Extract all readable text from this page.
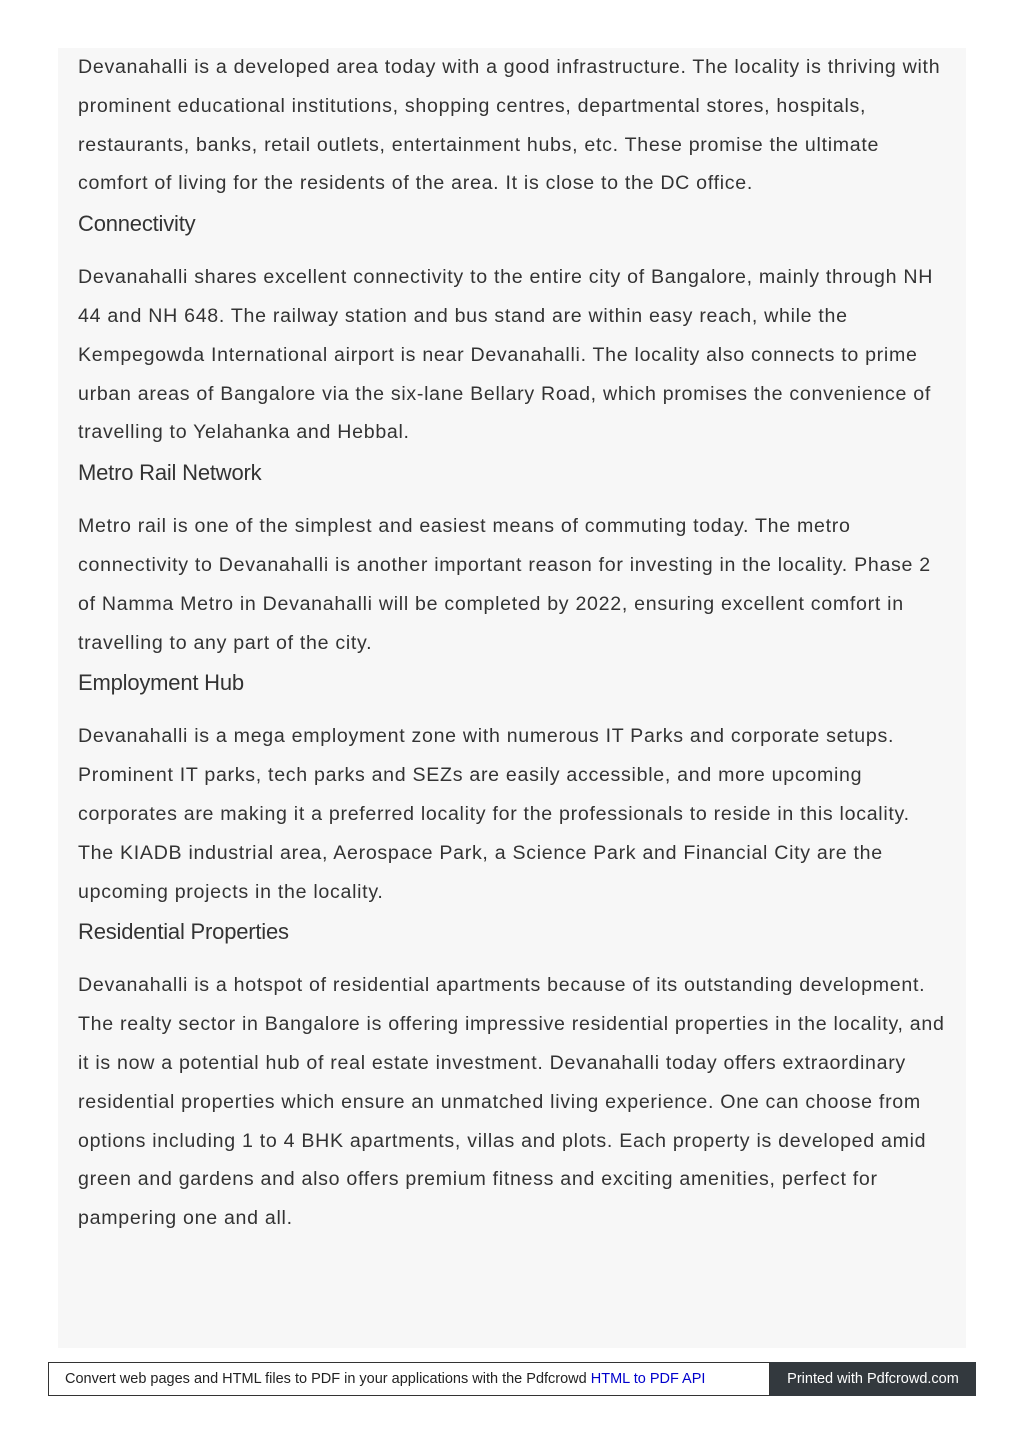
Devanahalli is a developed area today with a good infrastructure. The locality is thriving with prominent educational institutions, shopping centres, departmental stores, hospitals, restaurants, banks, retail outlets, entertainment hubs, etc. These promise the ultimate comfort of living for the residents of the area. It is close to the DC office.

Connectivity

Devanahalli shares excellent connectivity to the entire city of Bangalore, mainly through NH 44 and NH 648. The railway station and bus stand are within easy reach, while the Kempegowda International airport is near Devanahalli. The locality also connects to prime urban areas of Bangalore via the six-lane Bellary Road, which promises the convenience of travelling to Yelahanka and Hebbal.

Metro Rail Network

Metro rail is one of the simplest and easiest means of commuting today. The metro connectivity to Devanahalli is another important reason for investing in the locality. Phase 2 of Namma Metro in Devanahalli will be completed by 2022, ensuring excellent comfort in travelling to any part of the city.

Employment Hub

Devanahalli is a mega employment zone with numerous IT Parks and corporate setups. Prominent IT parks, tech parks and SEZs are easily accessible, and more upcoming corporates are making it a preferred locality for the professionals to reside in this locality. The KIADB industrial area, Aerospace Park, a Science Park and Financial City are the upcoming projects in the locality.

Residential Properties

Devanahalli is a hotspot of residential apartments because of its outstanding development. The realty sector in Bangalore is offering impressive residential properties in the locality, and it is now a potential hub of real estate investment. Devanahalli today offers extraordinary residential properties which ensure an unmatched living experience. One can choose from options including 1 to 4 BHK apartments, villas and plots. Each property is developed amid green and gardens and also offers premium fitness and exciting amenities, perfect for pampering one and all.

Convert web pages and HTML files to PDF in your applications with the Pdfcrowd HTML to PDF API	Printed with Pdfcrowd.com
